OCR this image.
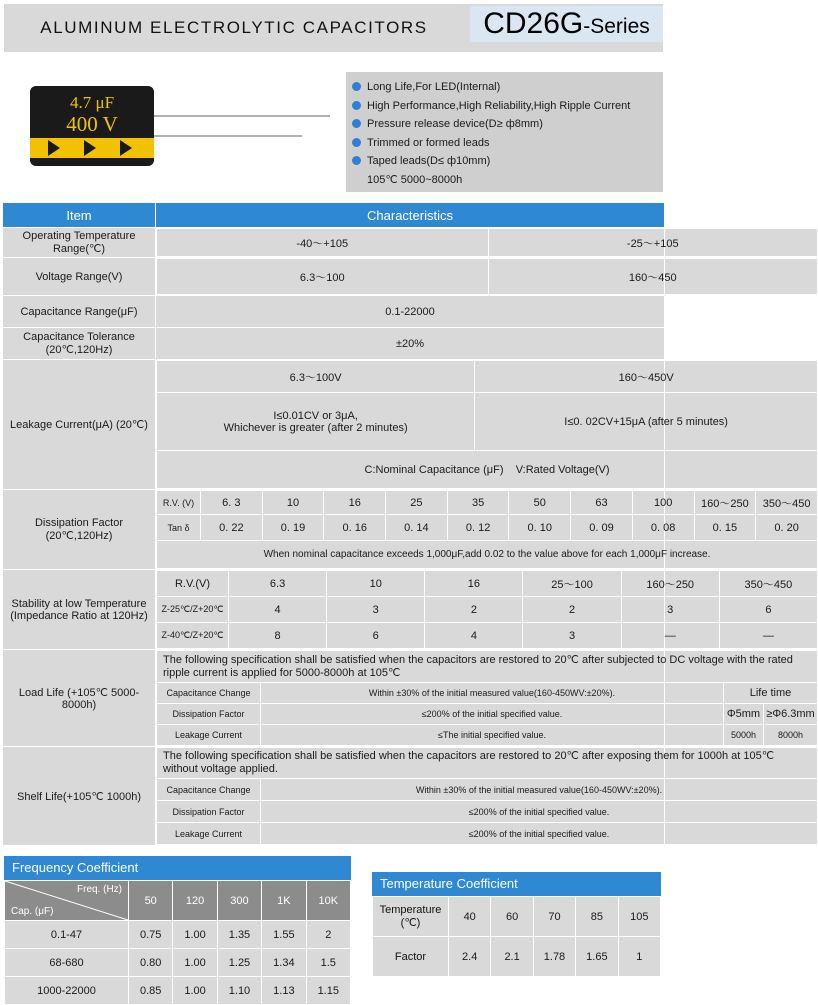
ALUMINUM ELECTROLYTIC CAPACITORS	CD26G-Series
4.7 μF
400 V
Long Life,For LED(Internal)
High Performance,High Reliability,High Ripple Current
Pressure release device(D≥ ф8mm)
Trimmed or formed leads
Taped leads(D≤ ф10mm)
105℃ 5000~8000h
Item	Characteristics
Operating Temperature Range(℃)		-40～+105	-25～+105

Voltage Range(V)		6.3～100	160～450

Capacitance Range(μF)	0.1-22000
Capacitance Tolerance (20℃,120Hz)	±20%
Leakage Current(μA) (20℃)	
6.3～100V	160～450V

I≤0.01CV or 3μA,
Whichever is greater (after 2 minutes)	I≤0. 02CV+15μA (after 5 minutes)
C:Nominal Capacitance (μF)    V:Rated Voltage(V)

Dissipation Factor (20℃,120Hz)	
R.V. (V)	6. 3	10	16	25	35	50	63	100	160～250	350～450
Tan δ	0. 22	0. 19	0. 16	0. 14	0. 12	0. 10	0. 09	0. 08	0. 15	0. 20
When nominal capacitance exceeds 1,000μF,add 0.02 to the value above for each 1,000μF increase.

Stability at low Temperature (Impedance Ratio at 120Hz)	
R.V.(V)	6.3	10	16	25～100	160～250	350～450
Z-25℃/Z+20℃	4	3	2	2	3	6
Z-40℃/Z+20℃	8	6	4	3	—	—

Load Life (+105℃ 5000-8000h)	
The following specification shall be satisfied when the capacitors are restored to 20℃ after subjected to DC voltage with the rated ripple current is applied for 5000-8000h at 105℃
Capacitance Change	Within ±30% of the initial measured value(160-450WV:±20%).	Life time
Dissipation Factor	≤200% of the initial specified value.	Φ5mm	≥Φ6.3mm
Leakage Current	≤The initial specified value.	5000h	8000h

Shelf Life(+105℃ 1000h)	
The following specification shall be satisfied when the capacitors are restored to 20℃ after exposing them for 1000h at 105℃ without voltage applied.
Capacitance Change	Within ±30% of the initial measured value(160-450WV:±20%).
Dissipation Factor	≤200% of the initial specified value.
Leakage Current	≤200% of the initial specified value.
Frequency Coefficient
Freq. (Hz)
Cap. (μF)	50	120	300	1K	10K
0.1-47	0.75	1.00	1.35	1.55	2
68-680	0.80	1.00	1.25	1.34	1.5
1000-22000	0.85	1.00	1.10	1.13	1.15
Temperature Coefficient
Temperature (℃)	40	60	70	85	105
Factor	2.4	2.1	1.78	1.65	1
